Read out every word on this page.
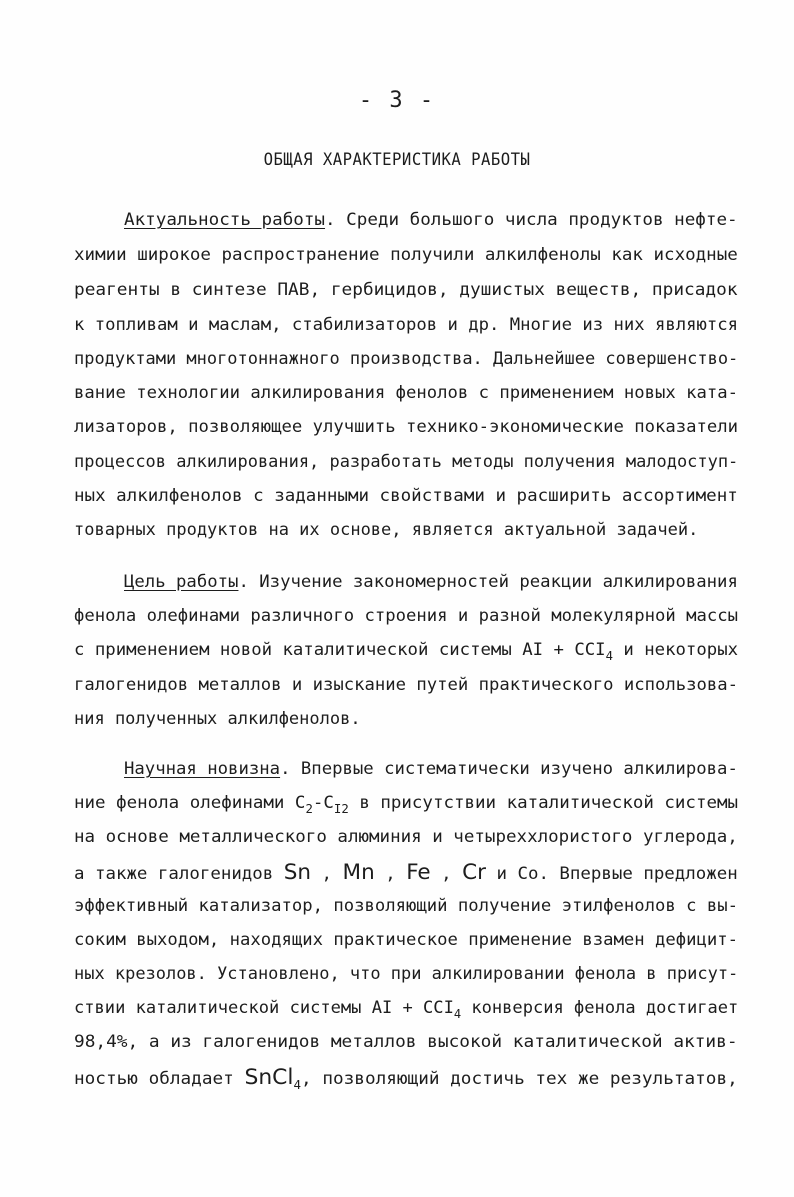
- 3 -
ОБЩАЯ ХАРАКТЕРИСТИКА РАБОТЫ
Актуальность работы. Среди большого числа продуктов нефте-
химии широкое распространение получили алкилфенолы как исходные
реагенты в синтезе ПАВ, гербицидов, душистых веществ, присадок
к топливам и маслам, стабилизаторов и др. Многие из них являются
продуктами многотоннажного производства. Дальнейшее совершенство-
вание технологии алкилирования фенолов с применением новых ката-
лизаторов, позволяющее улучшить технико-экономические показатели
процессов алкилирования, разработать методы получения малодоступ-
ных алкилфенолов с заданными свойствами и расширить ассортимент
товарных продуктов на их основе, является актуальной задачей.
Цель работы. Изучение закономерностей реакции алкилирования
фенола олефинами различного строения и разной молекулярной массы
с применением новой каталитической системы AI + $CCI_4$ и некоторых
галогенидов металлов и изыскание путей практического использова-
ния полученных алкилфенолов.
Научная новизна. Впервые систематически изучено алкилирова-
ние фенола олефинами $C_2-C_{I2}$ в присутствии каталитической системы
на основе металлического алюминия и четыреххлористого углерода,
а также галогенидов Sn , Mn , Fe , Cr и Co. Впервые предложен
эффективный катализатор, позволяющий получение этилфенолов с вы-
соким выходом, находящих практическое применение взамен дефицит-
ных крезолов. Установлено, что при алкилировании фенола в присут-
ствии каталитической системы AI + $CCI_4$ конверсия фенола достигает
98,4%, а из галогенидов металлов высокой каталитической актив-
ностью обладает SnCl$_4$, позволяющий достичь тех же результатов,
